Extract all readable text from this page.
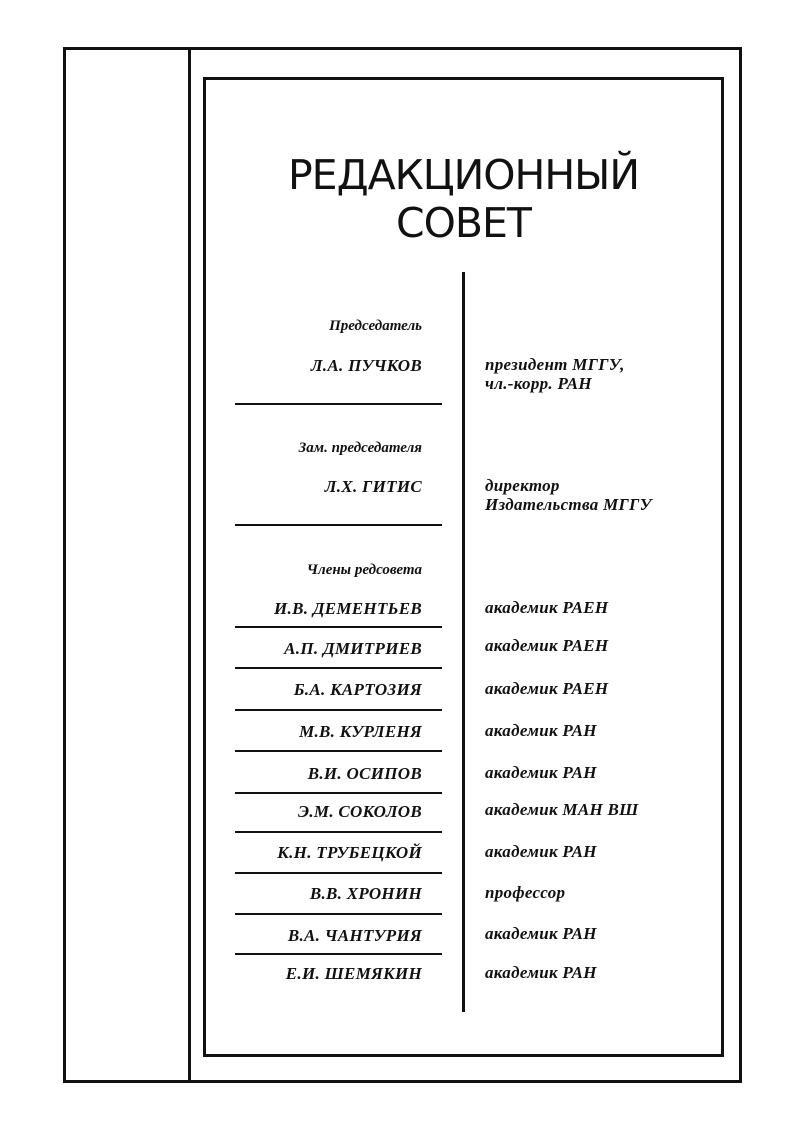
РЕДАКЦИОННЫЙ
СОВЕТ
Председатель
Л.А. ПУЧКОВ	президент МГГУ,
чл.-корр. РАН
Зам. председателя
Л.Х. ГИТИС	директор
Издательства МГГУ
Члены редсовета
И.В. ДЕМЕНТЬЕВ	академик РАЕН
А.П. ДМИТРИЕВ	академик РАЕН
Б.А. КАРТОЗИЯ	академик РАЕН
М.В. КУРЛЕНЯ	академик РАН
В.И. ОСИПОВ	академик РАН
Э.М. СОКОЛОВ	академик МАН ВШ
К.Н. ТРУБЕЦКОЙ	академик РАН
В.В. ХРОНИН	профессор
В.А. ЧАНТУРИЯ	академик РАН
Е.И. ШЕМЯКИН	академик РАН
